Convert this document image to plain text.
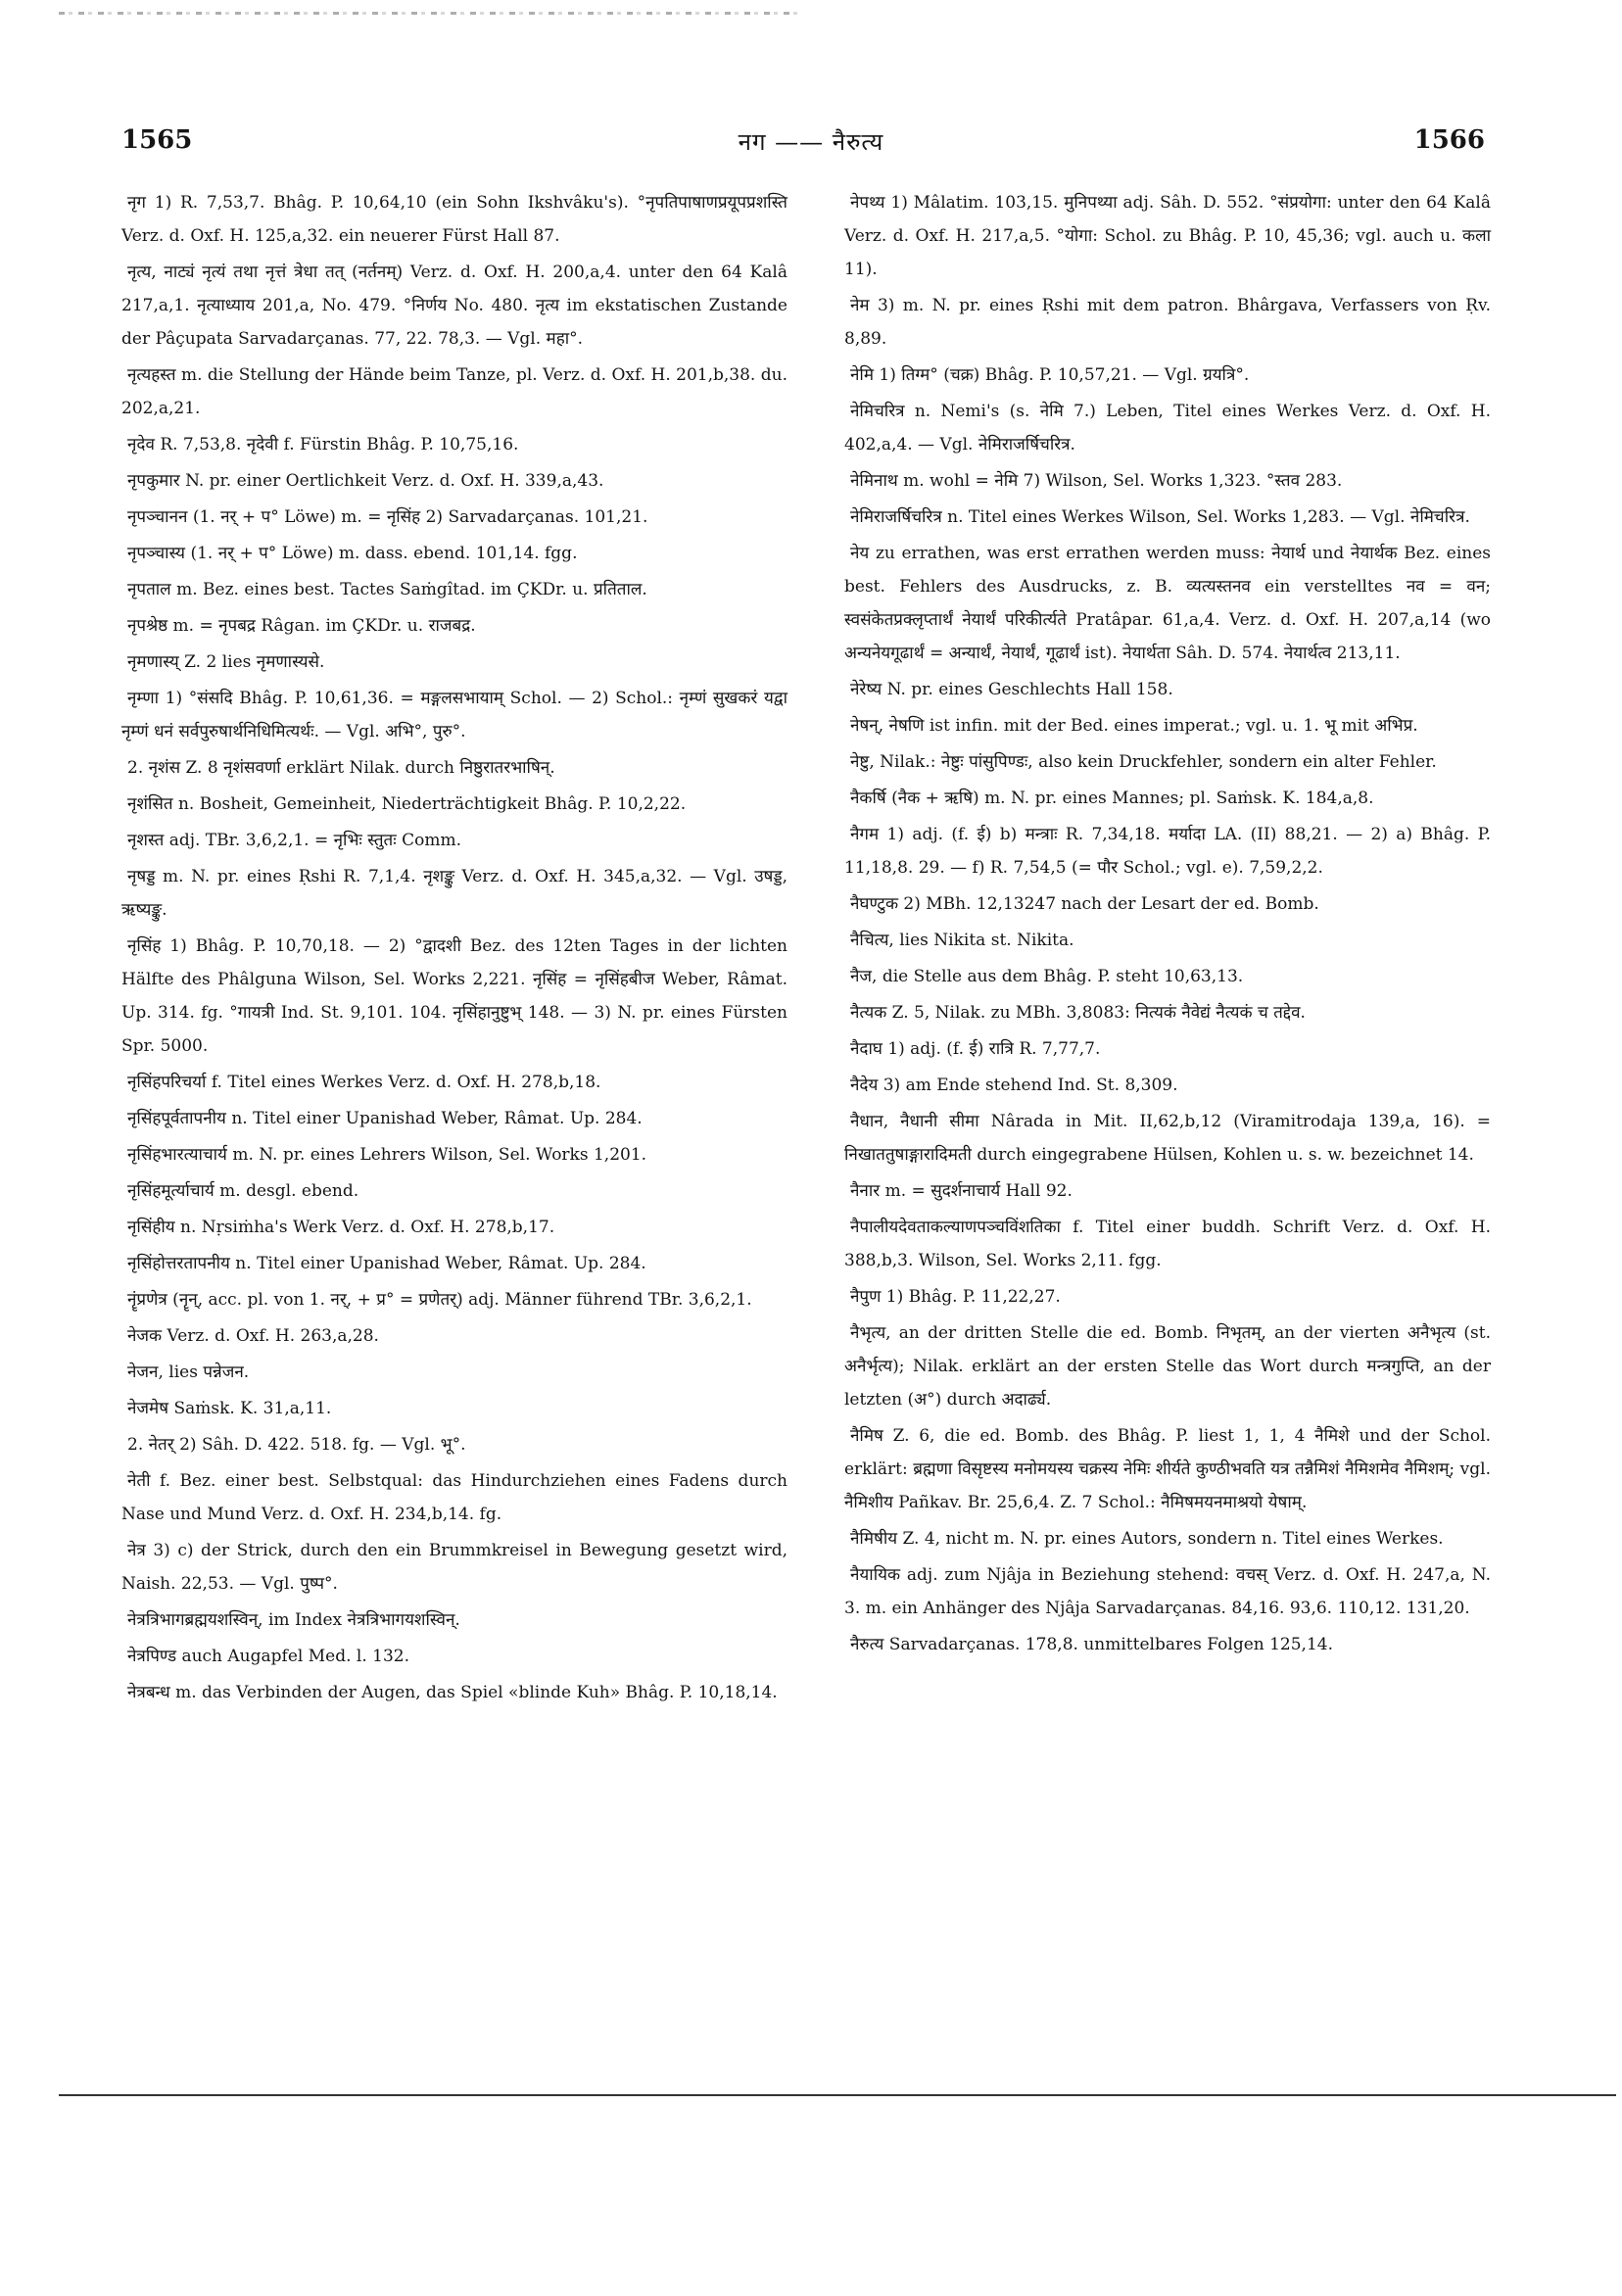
1565	नग —— नैरुत्य	1566

नृग 1) R. 7,53,7. Bhâg. P. 10,64,10 (ein Sohn Ikshvâku's). °नृपतिपाषाणप्रयूपप्रशस्ति Verz. d. Oxf. H. 125,a,32. ein neuerer Fürst Hall 87.

नृत्य, नाट्यं नृत्यं तथा नृत्तं त्रेधा तत् (नर्तनम्) Verz. d. Oxf. H. 200,a,4. unter den 64 Kalâ 217,a,1. नृत्याध्याय 201,a, No. 479. °निर्णय No. 480. नृत्य im ekstatischen Zustande der Pâçupata Sarvadarçanas. 77, 22. 78,3. — Vgl. महा°.

नृत्यहस्त m. die Stellung der Hände beim Tanze, pl. Verz. d. Oxf. H. 201,b,38. du. 202,a,21.

नृदेव R. 7,53,8. नृदेवी f. Fürstin Bhâg. P. 10,75,16.

नृपकुमार N. pr. einer Oertlichkeit Verz. d. Oxf. H. 339,a,43.

नृपञ्चानन (1. नर् + प° Löwe) m. = नृसिंह 2) Sarvadarçanas. 101,21.

नृपञ्चास्य (1. नर् + प° Löwe) m. dass. ebend. 101,14. fgg.

नृपताल m. Bez. eines best. Tactes Saṁgîtad. im ÇKDr. u. प्रतिताल.

नृपश्रेष्ठ m. = नृपबद्र Râgan. im ÇKDr. u. राजबद्र.

नृमणास्य् Z. 2 lies नृमणास्यसे.

नृम्णा 1) °संसदि Bhâg. P. 10,61,36. = मङ्गलसभायाम् Schol. — 2) Schol.: नृम्णं सुखकरं यद्वा नृम्णं धनं सर्वपुरुषार्थनिधिमित्यर्थः. — Vgl. अभि°, पुरु°.

2. नृशंस Z. 8 नृशंसवर्णा erklärt Nilak. durch निष्ठुरातरभाषिन्.

नृशंसित n. Bosheit, Gemeinheit, Niederträchtigkeit Bhâg. P. 10,2,22.

नृशस्त adj. TBr. 3,6,2,1. = नृभिः स्तुतः Comm.

नृषड्ड m. N. pr. eines Ṛshi R. 7,1,4. नृशङ्कु Verz. d. Oxf. H. 345,a,32. — Vgl. उषड्ड, ऋष्यङ्कु.

नृसिंह 1) Bhâg. P. 10,70,18. — 2) °द्वादशी Bez. des 12ten Tages in der lichten Hälfte des Phâlguna Wilson, Sel. Works 2,221. नृसिंह = नृसिंहबीज Weber, Râmat. Up. 314. fg. °गायत्री Ind. St. 9,101. 104. नृसिंहानुष्टुभ् 148. — 3) N. pr. eines Fürsten Spr. 5000.

नृसिंहपरिचर्या f. Titel eines Werkes Verz. d. Oxf. H. 278,b,18.

नृसिंहपूर्वतापनीय n. Titel einer Upanishad Weber, Râmat. Up. 284.

नृसिंहभारत्याचार्य m. N. pr. eines Lehrers Wilson, Sel. Works 1,201.

नृसिंहमूर्त्याचार्य m. desgl. ebend.

नृसिंहीय n. Nṛsiṁha's Werk Verz. d. Oxf. H. 278,b,17.

नृसिंहोत्तरतापनीय n. Titel einer Upanishad Weber, Râmat. Up. 284.

नॄंप्रणेत्र (नॄन्, acc. pl. von 1. नर्, + प्र° = प्रणेतर्) adj. Männer führend TBr. 3,6,2,1.

नेजक Verz. d. Oxf. H. 263,a,28.

नेजन, lies पन्नेजन.

नेजमेष Saṁsk. K. 31,a,11.

2. नेतर् 2) Sâh. D. 422. 518. fg. — Vgl. भू°.

नेती f. Bez. einer best. Selbstqual: das Hindurchziehen eines Fadens durch Nase und Mund Verz. d. Oxf. H. 234,b,14. fg.

नेत्र 3) c) der Strick, durch den ein Brummkreisel in Bewegung gesetzt wird, Naish. 22,53. — Vgl. पुष्प°.

नेत्रत्रिभागब्रह्मयशस्विन्, im Index नेत्रत्रिभागयशस्विन्.

नेत्रपिण्ड auch Augapfel Med. l. 132.

नेत्रबन्ध m. das Verbinden der Augen, das Spiel «blinde Kuh» Bhâg. P. 10,18,14.

नेपथ्य 1) Mâlatim. 103,15. मुनिपथ्या adj. Sâh. D. 552. °संप्रयोगा: unter den 64 Kalâ Verz. d. Oxf. H. 217,a,5. °योगा: Schol. zu Bhâg. P. 10, 45,36; vgl. auch u. कला 11).

नेम 3) m. N. pr. eines Ṛshi mit dem patron. Bhârgava, Verfassers von Ṛv. 8,89.

नेमि 1) तिग्म° (चक्र) Bhâg. P. 10,57,21. — Vgl. ग्रयत्रि°.

नेमिचरित्र n. Nemi's (s. नेमि 7.) Leben, Titel eines Werkes Verz. d. Oxf. H. 402,a,4. — Vgl. नेमिराजर्षिचरित्र.

नेमिनाथ m. wohl = नेमि 7) Wilson, Sel. Works 1,323. °स्तव 283.

नेमिराजर्षिचरित्र n. Titel eines Werkes Wilson, Sel. Works 1,283. — Vgl. नेमिचरित्र.

नेय zu errathen, was erst errathen werden muss: नेयार्थ und नेयार्थक Bez. eines best. Fehlers des Ausdrucks, z. B. व्यत्यस्तनव ein verstelltes नव = वन; स्वसंकेतप्रक्लृप्तार्थं नेयार्थं परिकीर्त्यते Pratâpar. 61,a,4. Verz. d. Oxf. H. 207,a,14 (wo अन्यनेयगूढार्थं = अन्यार्थं, नेयार्थं, गूढार्थं ist). नेयार्थता Sâh. D. 574. नेयार्थत्व 213,11.

नेरेष्य N. pr. eines Geschlechts Hall 158.

नेषन्, नेषणि ist infin. mit der Bed. eines imperat.; vgl. u. 1. भू mit अभिप्र.

नेष्टु, Nilak.: नेष्टुः पांसुपिण्डः, also kein Druckfehler, sondern ein alter Fehler.

नैकर्षि (नैक + ऋषि) m. N. pr. eines Mannes; pl. Saṁsk. K. 184,a,8.

नैगम 1) adj. (f. ई) b) मन्त्राः R. 7,34,18. मर्यादा LA. (II) 88,21. — 2) a) Bhâg. P. 11,18,8. 29. — f) R. 7,54,5 (= पौर Schol.; vgl. e). 7,59,2,2.

नैघण्टुक 2) MBh. 12,13247 nach der Lesart der ed. Bomb.

नैचित्य, lies Nikita st. Nikita.

नैज, die Stelle aus dem Bhâg. P. steht 10,63,13.

नैत्यक Z. 5, Nilak. zu MBh. 3,8083: नित्यकं नैवेद्यं नैत्यकं च तद्देव.

नैदाघ 1) adj. (f. ई) रात्रि R. 7,77,7.

नैदेय 3) am Ende stehend Ind. St. 8,309.

नैधान, नैधानी सीमा Nârada in Mit. II,62,b,12 (Viramitrodaja 139,a, 16). = निखाततुषाङ्गारादिमती durch eingegrabene Hülsen, Kohlen u. s. w. bezeichnet 14.

नैनार m. = सुदर्शनाचार्य Hall 92.

नैपालीयदेवताकल्याणपञ्चविंशतिका f. Titel einer buddh. Schrift Verz. d. Oxf. H. 388,b,3. Wilson, Sel. Works 2,11. fgg.

नैपुण 1) Bhâg. P. 11,22,27.

नैभृत्य, an der dritten Stelle die ed. Bomb. निभृतम्, an der vierten अनैभृत्य (st. अनैर्भृत्य); Nilak. erklärt an der ersten Stelle das Wort durch मन्त्रगुप्ति, an der letzten (अ°) durch अदार्ढ्य.

नैमिष Z. 6, die ed. Bomb. des Bhâg. P. liest 1, 1, 4 नैमिशे und der Schol. erklärt: ब्रह्मणा विसृष्टस्य मनोमयस्य चक्रस्य नेमिः शीर्यते कुण्ठीभवति यत्र तन्नैमिशं नैमिशमेव नैमिशम्; vgl. नैमिशीय Pañkav. Br. 25,6,4. Z. 7 Schol.: नैमिषमयनमाश्रयो येषाम्.

नैमिषीय Z. 4, nicht m. N. pr. eines Autors, sondern n. Titel eines Werkes.

नैयायिक adj. zum Njâja in Beziehung stehend: वचस् Verz. d. Oxf. H. 247,a, N. 3. m. ein Anhänger des Njâja Sarvadarçanas. 84,16. 93,6. 110,12. 131,20.

नैरुत्य Sarvadarçanas. 178,8. unmittelbares Folgen 125,14.
